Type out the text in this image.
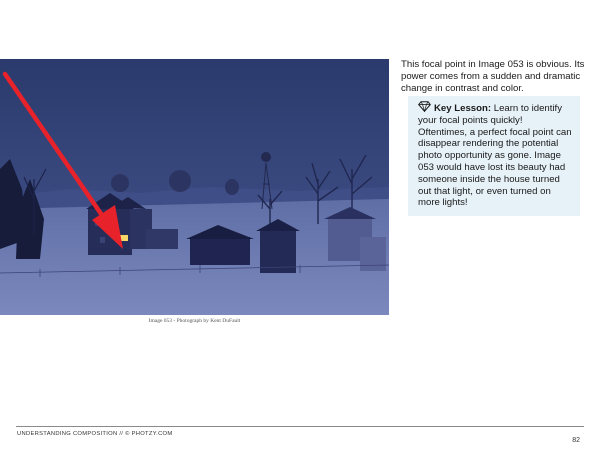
Image 053 - Photograph by Kent DuFault

This focal point in Image 053 is obvious. Its power comes from a sudden and dramatic change in contrast and color.

Key Lesson: Learn to identify your focal points quickly! Oftentimes, a perfect focal point can disappear rendering the potential photo opportunity as gone. Image 053 would have lost its beauty had someone inside the house turned out that light, or even turned on more lights!
UNDERSTANDING COMPOSITION // © PHOTZY.COM
82
